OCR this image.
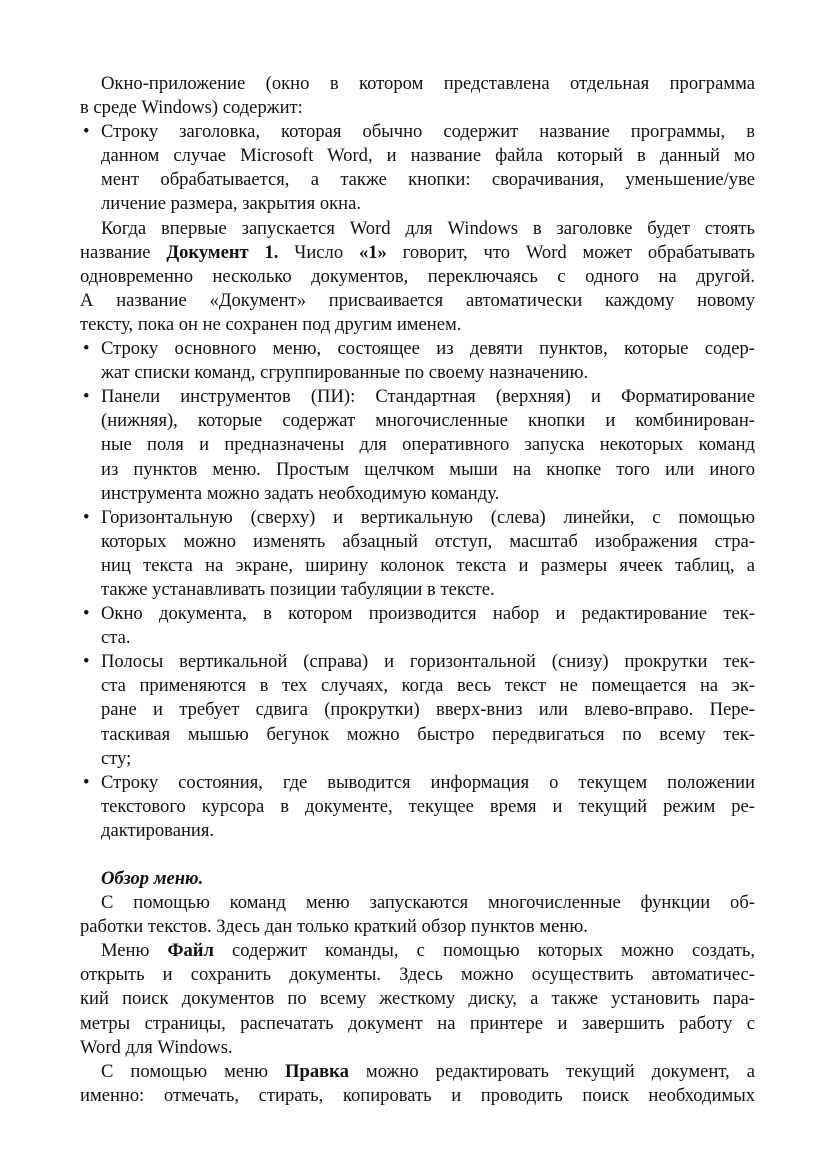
Окно-приложение (окно в котором представлена отдельная программа
в среде Windows) содержит:
• Строку заголовка, которая обычно содержит название программы, в
данном случае Microsoft Word, и название файла который в данный мо
мент обрабатывается, а также кнопки: сворачивания, уменьшение/уве
личение размера, закрытия окна.
Когда впервые запускается Word для Windows в заголовке будет стоять
название Документ 1. Число «1» говорит, что Word может обрабатывать
одновременно несколько документов, переключаясь с одного на другой.
А название «Документ» присваивается автоматически каждому новому
тексту, пока он не сохранен под другим именем.
• Строку основного меню, состоящее из девяти пунктов, которые содер-
жат списки команд, сгруппированные по своему назначению.
• Панели инструментов (ПИ): Стандартная (верхняя) и Форматирование
(нижняя), которые содержат многочисленные кнопки и комбинирован-
ные поля и предназначены для оперативного запуска некоторых команд
из пунктов меню. Простым щелчком мыши на кнопке того или иного
инструмента можно задать необходимую команду.
• Горизонтальную (сверху) и вертикальную (слева) линейки, с помощью
которых можно изменять абзацный отступ, масштаб изображения стра-
ниц текста на экране, ширину колонок текста и размеры ячеек таблиц, а
также устанавливать позиции табуляции в тексте.
• Окно документа, в котором производится набор и редактирование тек-
ста.
• Полосы вертикальной (справа) и горизонтальной (снизу) прокрутки тек-
ста применяются в тех случаях, когда весь текст не помещается на эк-
ране и требует сдвига (прокрутки) вверх-вниз или влево-вправо. Пере-
таскивая мышью бегунок можно быстро передвигаться по всему тек-
сту;
• Строку состояния, где выводится информация о текущем положении
текстового курсора в документе, текущее время и текущий режим ре-
дактирования.
Обзор меню.
С помощью команд меню запускаются многочисленные функции об-
работки текстов. Здесь дан только краткий обзор пунктов меню.
Меню Файл содержит команды, с помощью которых можно создать,
открыть и сохранить документы. Здесь можно осуществить автоматичес-
кий поиск документов по всему жесткому диску, а также установить пара-
метры страницы, распечатать документ на принтере и завершить работу с
Word для Windows.
С помощью меню Правка можно редактировать текущий документ, а
именно: отмечать, стирать, копировать и проводить поиск необходимых
